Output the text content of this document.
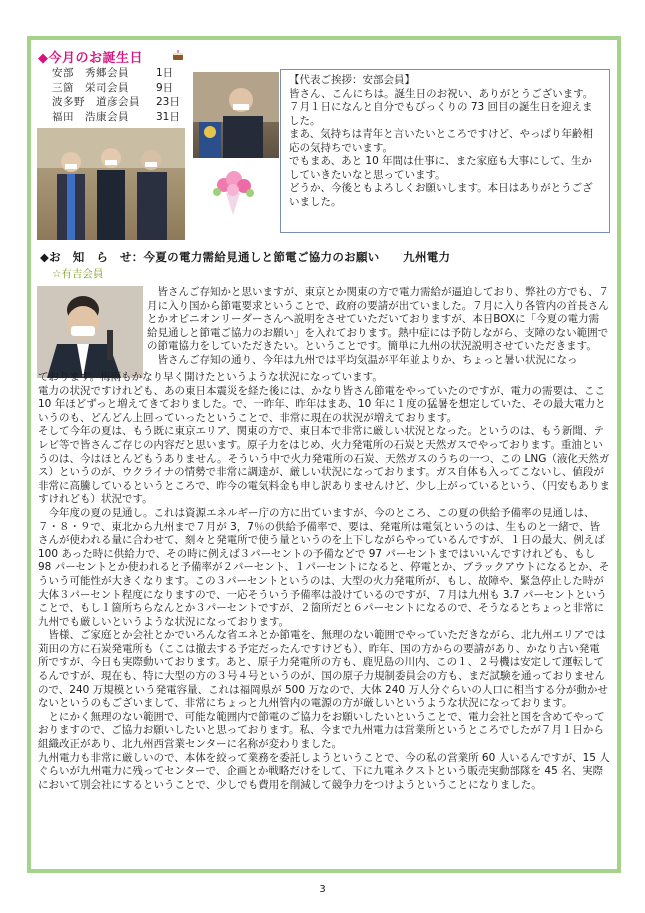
◆今月のお誕生日
安部　秀郷会員	1日
三箇　栄司会員	9日
波多野　道彦会員	23日
福田　浩康会員	31日

【代表ご挨拶：安部会員】

皆さん、こんにちは。誕生日のお祝い、ありがとうございます。７月１日になんと自分でもびっくりの 73 回目の誕生日を迎えました。

まあ、気持ちは青年と言いたいところですけど、やっぱり年齢相応の気持ちでいます。

でもまあ、あと 10 年間は仕事に、また家庭も大事にして、生かしていきたいなと思っています。

どうか、今後ともよろしくお願いします。本日はありがとうございました。

◆お　知　ら　せ：今夏の電力需給見通しと節電ご協力のお願い　　九州電力
☆有吉会員

　皆さんご存知かと思いますが、東京とか関東の方で電力需給が逼迫しており、弊社の方でも、７月に入り国から節電要求ということで、政府の要請が出ていました。７月に入り各管内の首長さんとかオピニオンリーダーさんへ説明をさせていただいておりますが、本日BOXに「今夏の電力需給見通しと節電ご協力のお願い」を入れております。熱中症には予防しながら、支障のない範囲での節電協力をしていただきたい。ということです。簡単に九州の状況説明させていただきます。

　皆さんご存知の通り、今年は九州では平均気温が平年並よりか、ちょっと暑い状況になっ

ております。梅雨もかなり早く開けたというような状況になっています。

電力の状況ですけれども、あの東日本震災を経た後には、かなり皆さん節電をやっていたのですが、電力の需要は、ここ 10 年ほどずっと増えてきておりました。で、一昨年、昨年はまあ、10 年に１度の猛暑を想定していた、その最大電力というのも、どんどん上回っていったということで、非常に現在の状況が増えております。

そして今年の夏は、もう既に東京エリア、関東の方で、東日本で非常に厳しい状況となった。というのは、もう新聞、テレビ等で皆さんご存じの内容だと思います。原子力をはじめ、火力発電所の石炭と天然ガスでやっております。重油というのは、今はほとんどもうありません。そういう中で火力発電所の石炭、天然ガスのうちの一つ、この LNG（液化天然ガス）というのが、ウクライナの情勢で非常に調達が、厳しい状況になっております。ガス自体も入ってこないし、値段が非常に高騰しているというところで、昨今の電気料金も申し訳ありませんけど、少し上がっているという、（円安もありますけれども）状況です。

　今年度の夏の見通し。これは資源エネルギー庁の方に出ていますが、今のところ、この夏の供給予備率の見通しは、７・８・９で、東北から九州まで７月が 3，7％の供給予備率で、要は、発電所は電気というのは、生ものと一緒で、皆さんが使われる量に合わせて、刻々と発電所で使う量というのを上下しながらやっているんですが、１日の最大、例えば 100 あった時に供給力で、その時に例えば３パーセントの予備などで 97 パーセントまではいいんですけれども、もし 98 パーセントとか使われると予備率が２パーセント、１パーセントになると、停電とか、ブラックアウトになるとか、そういう可能性が大きくなります。この３パーセントというのは、大型の火力発電所が、もし、故障や、緊急停止した時が大体３パーセント程度になりますので、一応そういう予備率は設けているのですが、７月は九州も 3.7 パーセントということで、もし１箇所ちらなんとか３パーセントですが、２箇所だと６パーセントになるので、そうなるとちょっと非常に九州でも厳しいというような状況になっております。

　皆様、ご家庭とか会社とかでいろんな省エネとか節電を、無理のない範囲でやっていただきながら、北九州エリアでは苅田の方に石炭発電所も（ここは撤去する予定だったんですけども）、昨年、国の方からの要請があり、かなり古い発電所ですが、今日も実際動いております。あと、原子力発電所の方も、鹿児島の川内、この１、２号機は安定して運転してるんですが、現在も、特に大型の方の３号４号というのが、国の原子力規制委員会の方も、まだ試験を通っておりませんので、240 万規模という発電容量、これは福岡県が 500 万なので、大体 240 万人分ぐらいの人口に相当する分が動かせないというのもございまして、非常にちょっと九州管内の電源の方が厳しいというような状況になっております。

　とにかく無理のない範囲で、可能な範囲内で節電のご協力をお願いしたいということで、電力会社と国を含めてやっておりますので、ご協力お願いしたいと思っております。私、今まで九州電力は営業所というところでしたが７月１日から組織改正があり、北九州西営業センターに名称が変わりました。

九州電力も非常に厳しいので、本体を絞って業務を委託しようということで、今の私の営業所 60 人いるんですが、15 人ぐらいが九州電力に残ってセンターで、企画とか戦略だけをして、下に九電ネクストという販売実動部隊を 45 名、実際において別会社にするということで、少しでも費用を削減して競争力をつけようということになりました。

3
